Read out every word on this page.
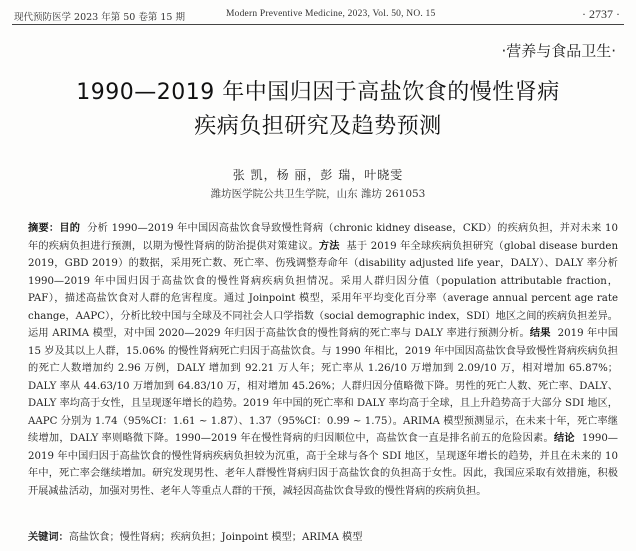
现代预防医学 2023 年第 50 卷第 15 期	Modern Preventive Medicine, 2023, Vol. 50, NO. 15	· 2737 ·
·营养与食品卫生·
1990—2019 年中国归因于高盐饮食的慢性肾病
疾病负担研究及趋势预测
张 凯，杨 丽，彭 瑞，叶晓雯
潍坊医学院公共卫生学院，山东 潍坊 261053
摘要：目的 分析 1990—2019 年中国因高盐饮食导致慢性肾病（chronic kidney disease，CKD）的疾病负担，并对未来 10 年的疾病负担进行预测，以期为慢性肾病的防治提供对策建议。方法 基于 2019 年全球疾病负担研究（global disease burden 2019，GBD 2019）的数据，采用死亡数、死亡率、伤残调整寿命年（disability adjusted life year，DALY）、DALY 率分析 1990—2019 年中国归因于高盐饮食的慢性肾病疾病负担情况。采用人群归因分值（population attributable fraction，PAF），描述高盐饮食对人群的危害程度。通过 Joinpoint 模型，采用年平均变化百分率（average annual percent age rate change，AAPC），分析比较中国与全球及不同社会人口学指数（social demographic index，SDI）地区之间的疾病负担差异。运用 ARIMA 模型，对中国 2020—2029 年归因于高盐饮食的慢性肾病的死亡率与 DALY 率进行预测分析。结果 2019 年中国 15 岁及其以上人群，15.06% 的慢性肾病死亡归因于高盐饮食。与 1990 年相比，2019 年中国因高盐饮食导致慢性肾病疾病负担的死亡人数增加约 2.96 万例，DALY 增加到 92.21 万人年；死亡率从 1.26/10 万增加到 2.09/10 万，相对增加 65.87%；DALY 率从 44.63/10 万增加到 64.83/10 万，相对增加 45.26%；人群归因分值略微下降。男性的死亡人数、死亡率、DALY、DALY 率均高于女性，且呈现逐年增长的趋势。2019 年中国的死亡率和 DALY 率均高于全球，且上升趋势高于大部分 SDI 地区，AAPC 分别为 1.74（95%CI：1.61 ~ 1.87）、1.37（95%CI：0.99 ~ 1.75）。ARIMA 模型预测显示，在未来十年，死亡率继续增加，DALY 率则略微下降。1990—2019 年在慢性肾病的归因顺位中，高盐饮食一直是排名前五的危险因素。结论 1990—2019 年中国归因于高盐饮食的慢性肾病疾病负担较为沉重，高于全球与各个 SDI 地区，呈现逐年增长的趋势，并且在未来的 10 年中，死亡率会继续增加。研究发现男性、老年人群慢性肾病归因于高盐饮食的负担高于女性。因此，我国应采取有效措施，积极开展减盐活动，加强对男性、老年人等重点人群的干预，减轻因高盐饮食导致的慢性肾病的疾病负担。
关键词：高盐饮食；慢性肾病；疾病负担；Joinpoint 模型；ARIMA 模型
